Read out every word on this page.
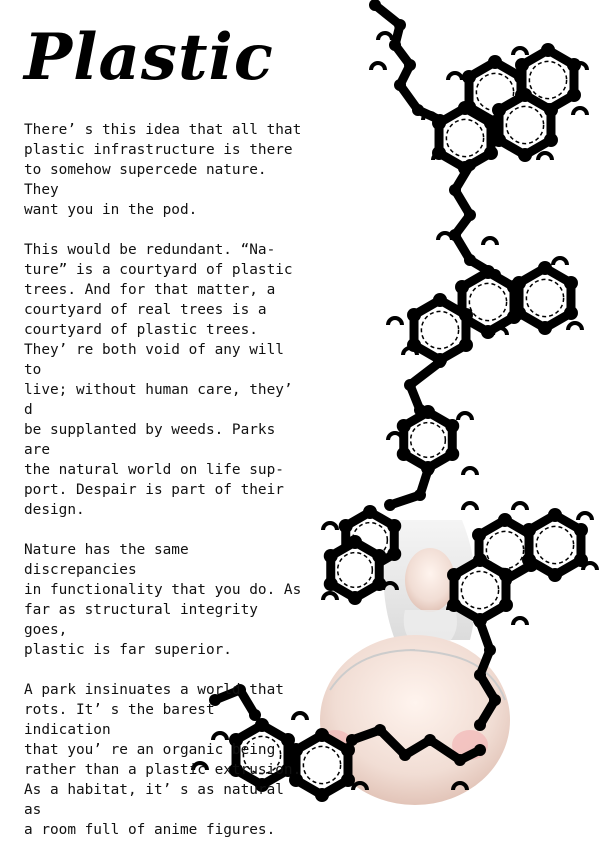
Plastic

There’ s this idea that all that
plastic infrastructure is there
to somehow supercede nature. They
want you in the pod.

This would be redundant. “Na-
ture” is a courtyard of plastic
trees. And for that matter, a
courtyard of real trees is a
courtyard of plastic trees.
They’ re both void of any will to
live; without human care, they’ d
be supplanted by weeds. Parks are
the natural world on life sup-
port. Despair is part of their
design.

Nature has the same discrepancies
in functionality that you do. As
far as structural integrity goes,
plastic is far superior.

A park insinuates a world that
rots. It’ s the barest indication
that you’ re an organic being
rather than a plastic extrusion.
As a habitat, it’ s as natural as
a room full of anime figures.
